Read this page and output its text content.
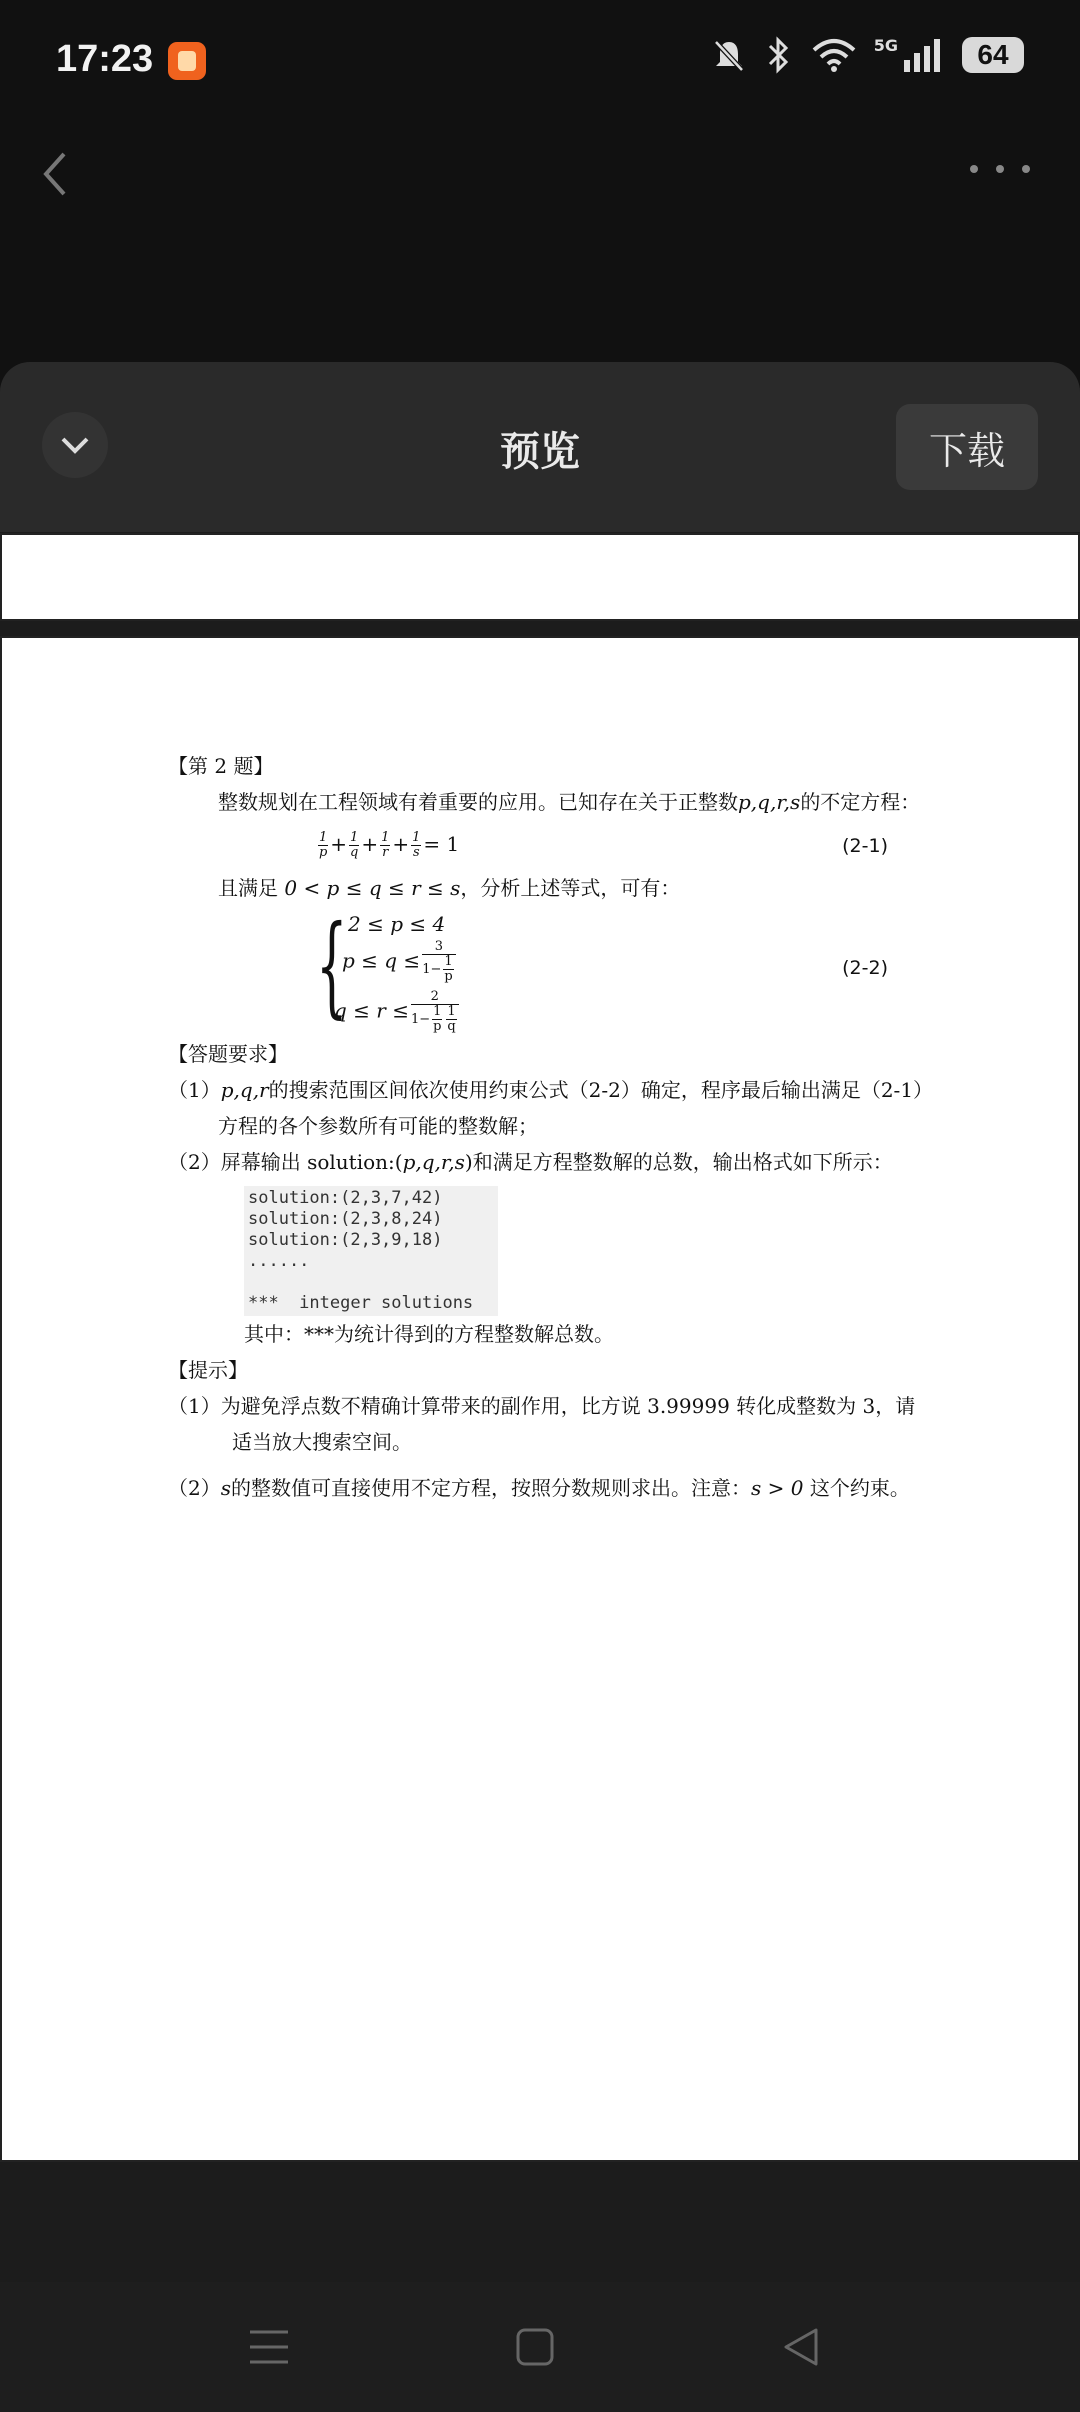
17:23	5G	64
预览	下载

【第 2 题】

整数规划在工程领域有着重要的应用。已知存在关于正整数p,q,r,s的不定方程：

$\frac{1}{p} + \frac{1}{q} + \frac{1}{r} + \frac{1}{s} = 1$	(2-1)

且满足 0 < p ≤ q ≤ r ≤ s，分析上述等式，可有：

{ 2 ≤ p ≤ 4
$p \le q \le \frac{3}{1- \frac{1}{p}}$
$q \le r \le \frac{2}{1- \frac{1}{p} \frac{1}{q}}$
(2-2)

【答题要求】

（1）p,q,r的搜索范围区间依次使用约束公式（2-2）确定，程序最后输出满足（2-1）方程的各个参数所有可能的整数解；

（2）屏幕输出 solution:(p,q,r,s)和满足方程整数解的总数，输出格式如下所示：

solution:(2,3,7,42)
solution:(2,3,8,24)
solution:(2,3,9,18)
......

***  integer solutions

其中：***为统计得到的方程整数解总数。

【提示】

（1）为避免浮点数不精确计算带来的副作用，比方说 3.99999 转化成整数为 3，请适当放大搜索空间。

（2）s的整数值可直接使用不定方程，按照分数规则求出。注意：s > 0 这个约束。
